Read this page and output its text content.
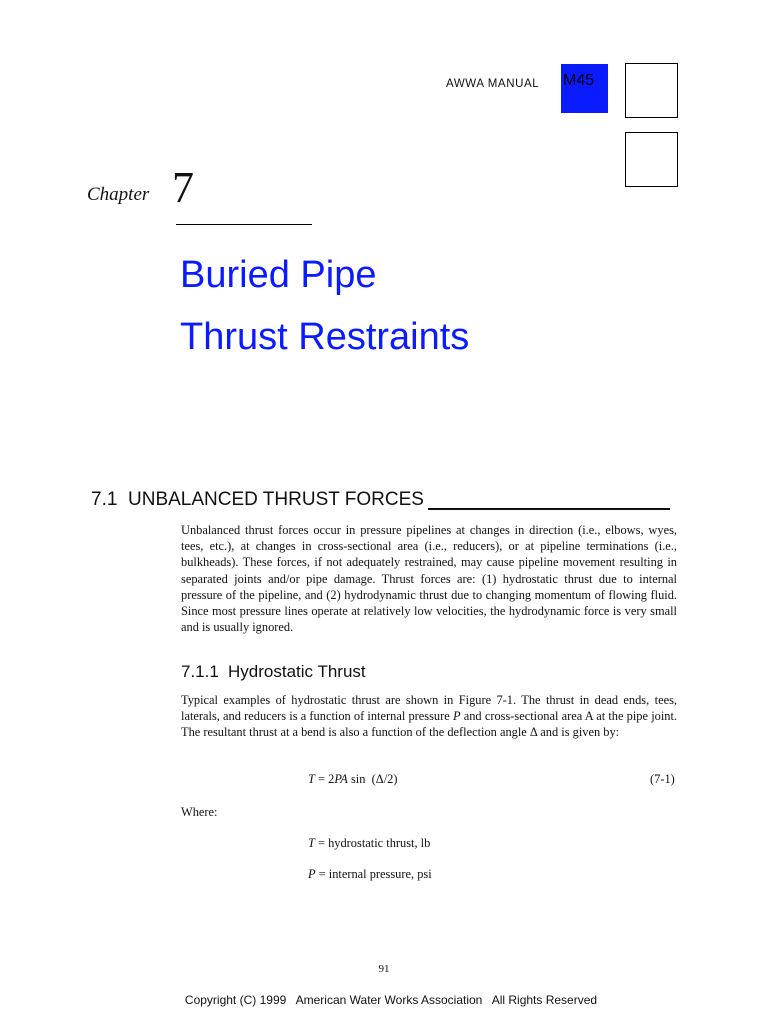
AWWA MANUAL M45
Chapter 7
Buried Pipe
Thrust Restraints
7.1 UNBALANCED THRUST FORCES
Unbalanced thrust forces occur in pressure pipelines at changes in direction (i.e., elbows, wyes, tees, etc.), at changes in cross-sectional area (i.e., reducers), or at pipeline terminations (i.e., bulkheads). These forces, if not adequately restrained, may cause pipeline movement resulting in separated joints and/or pipe damage. Thrust forces are: (1) hydrostatic thrust due to internal pressure of the pipeline, and (2) hydrodynamic thrust due to changing momentum of flowing fluid. Since most pressure lines operate at relatively low velocities, the hydrodynamic force is very small and is usually ignored.
7.1.1 Hydrostatic Thrust
Typical examples of hydrostatic thrust are shown in Figure 7-1. The thrust in dead ends, tees, laterals, and reducers is a function of internal pressure P and cross-sectional area A at the pipe joint. The resultant thrust at a bend is also a function of the deflection angle Δ and is given by:
T = 2PA sin  (Δ/2)	(7-1)
Where:
T = hydrostatic thrust, lb
P = internal pressure, psi
91
Copyright (C) 1999   American Water Works Association   All Rights Reserved
